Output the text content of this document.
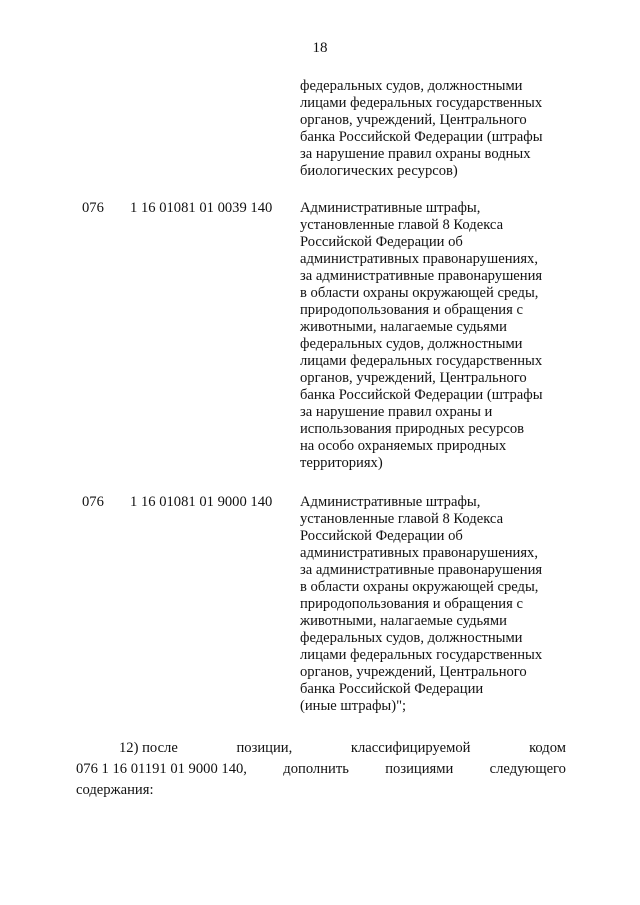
18
федеральных судов, должностными
лицами федеральных государственных
органов, учреждений, Центрального
банка Российской Федерации (штрафы
за нарушение правил охраны водных
биологических ресурсов)
076 1 16 01081 01 0039 140 Административные штрафы,
установленные главой 8 Кодекса
Российской Федерации об
административных правонарушениях,
за административные правонарушения
в области охраны окружающей среды,
природопользования и обращения с
животными, налагаемые судьями
федеральных судов, должностными
лицами федеральных государственных
органов, учреждений, Центрального
банка Российской Федерации (штрафы
за нарушение правил охраны и
использования природных ресурсов
на особо охраняемых природных
территориях)
076 1 16 01081 01 9000 140 Административные штрафы,
установленные главой 8 Кодекса
Российской Федерации об
административных правонарушениях,
за административные правонарушения
в области охраны окружающей среды,
природопользования и обращения с
животными, налагаемые судьями
федеральных судов, должностными
лицами федеральных государственных
органов, учреждений, Центрального
банка Российской Федерации
(иные штрафы)";
12) после	позиции,	классифицируемой	кодом
076 1 16 01191 01 9000 140, дополнить позициями следующего
содержания:
